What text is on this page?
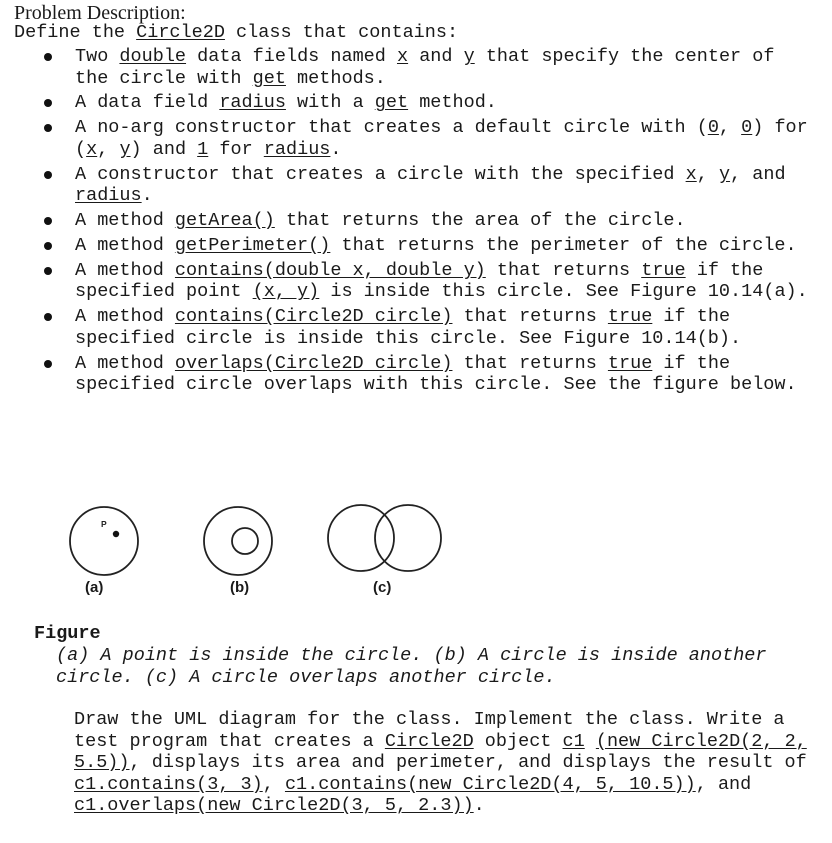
Problem Description:
Define the Circle2D class that contains:
Two double data fields named x and y that specify the center of the circle with get methods.
A data field radius with a get method.
A no-arg constructor that creates a default circle with (0, 0) for (x, y) and 1 for radius.
A constructor that creates a circle with the specified x, y, and radius.
A method getArea() that returns the area of the circle.
A method getPerimeter() that returns the perimeter of the circle.
A method contains(double x, double y) that returns true if the specified point (x, y) is inside this circle. See Figure 10.14(a).
A method contains(Circle2D circle) that returns true if the specified circle is inside this circle. See Figure 10.14(b).
A method overlaps(Circle2D circle) that returns true if the specified circle overlaps with this circle. See the figure below.
P
(a)	(b)	(c)
Figure
(a) A point is inside the circle. (b) A circle is inside another circle. (c) A circle overlaps another circle.
Draw the UML diagram for the class. Implement the class. Write a test program that creates a Circle2D object c1 (new Circle2D(2, 2, 5.5)), displays its area and perimeter, and displays the result of c1.contains(3, 3), c1.contains(new Circle2D(4, 5, 10.5)), and c1.overlaps(new Circle2D(3, 5, 2.3)).
